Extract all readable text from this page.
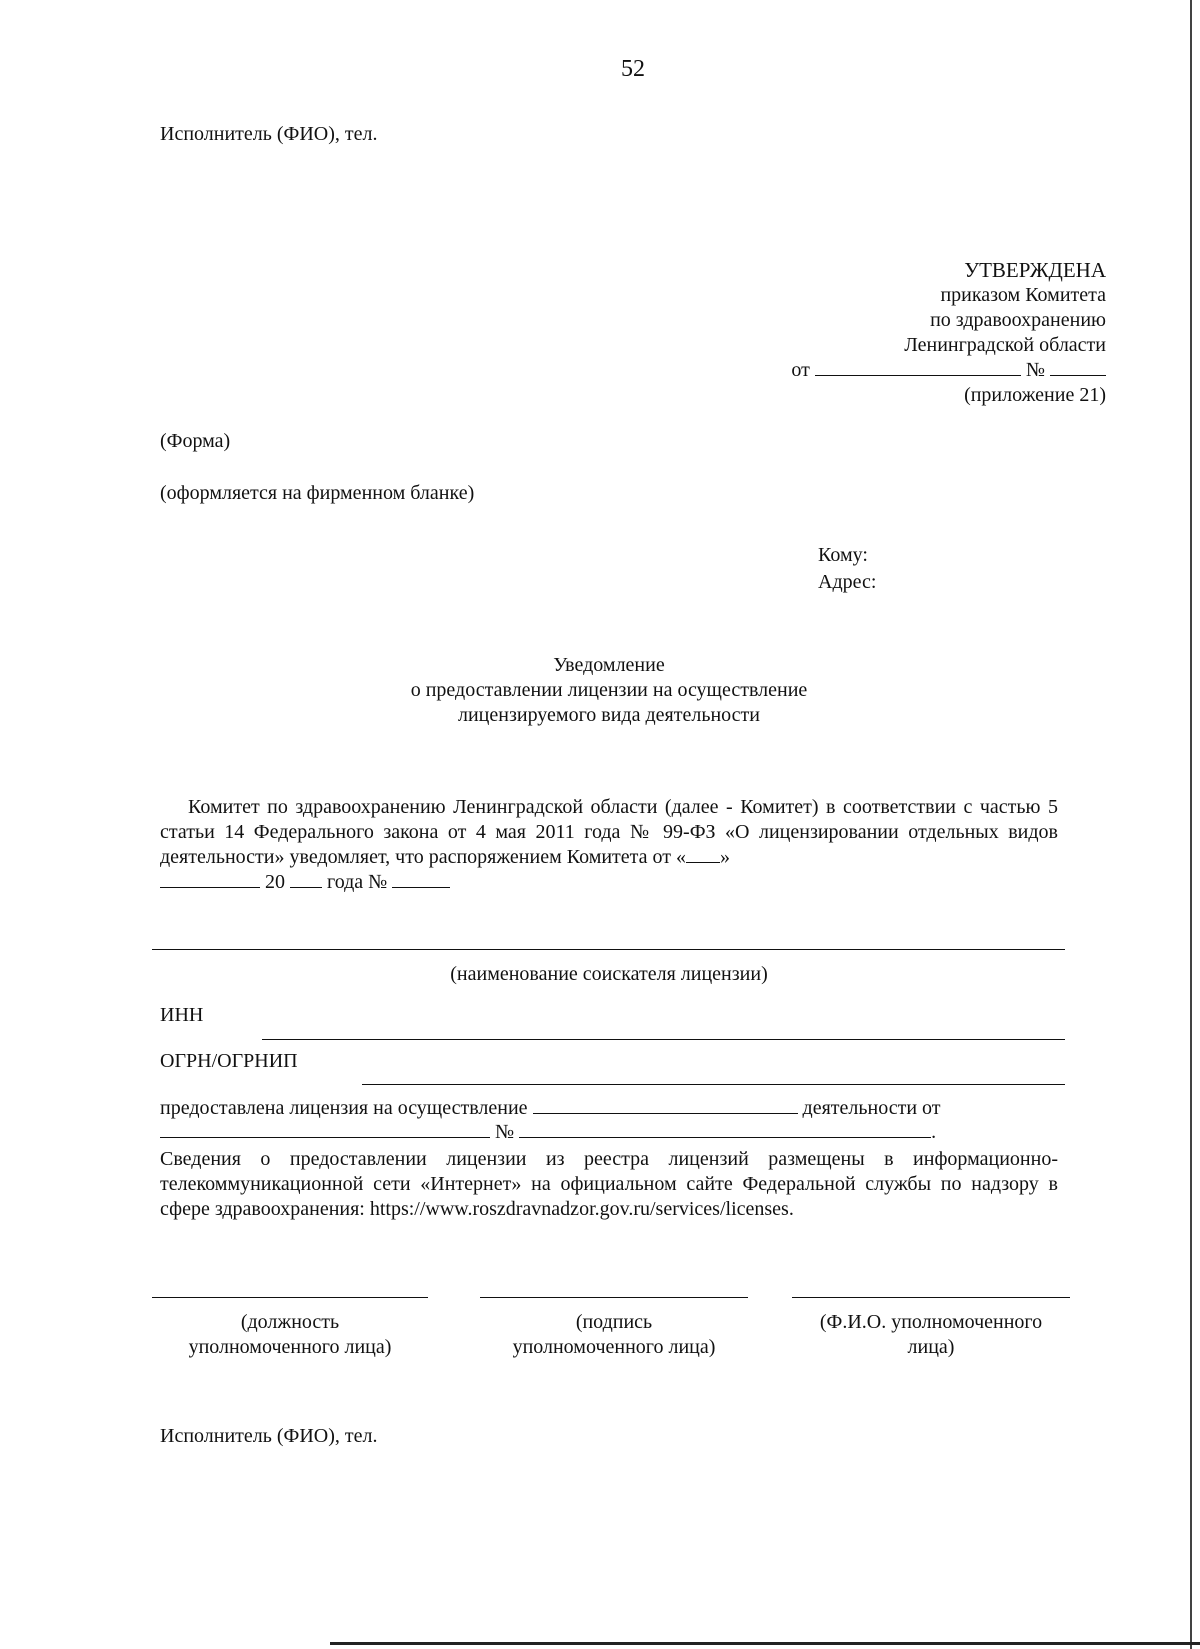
52
Исполнитель (ФИО), тел.
УТВЕРЖДЕНА
приказом Комитета
по здравоохранению
Ленинградской области
от	№
(приложение 21)
(Форма)
(оформляется на фирменном бланке)
Кому:
Адрес:
Уведомление
о предоставлении лицензии на осуществление
лицензируемого вида деятельности
Комитет по здравоохранению Ленинградской области (далее - Комитет) в соответствии с частью 5 статьи 14 Федерального закона от 4 мая 2011 года № 99-ФЗ «О лицензировании отдельных видов деятельности» уведомляет, что распоряжением Комитета от « »
20 года №
(наименование соискателя лицензии)
ИНН
ОГРН/ОГРНИП
предоставлена лицензия на осуществление	деятельности от
№	.
Сведения о предоставлении лицензии из реестра лицензий размещены в информационно-телекоммуникационной сети «Интернет» на официальном сайте Федеральной службы по надзору в сфере здравоохранения: https://www.roszdravnadzor.gov.ru/services/licenses.
(должность
уполномоченного лица)
(подпись
уполномоченного лица)
(Ф.И.О. уполномоченного
лица)
Исполнитель (ФИО), тел.
